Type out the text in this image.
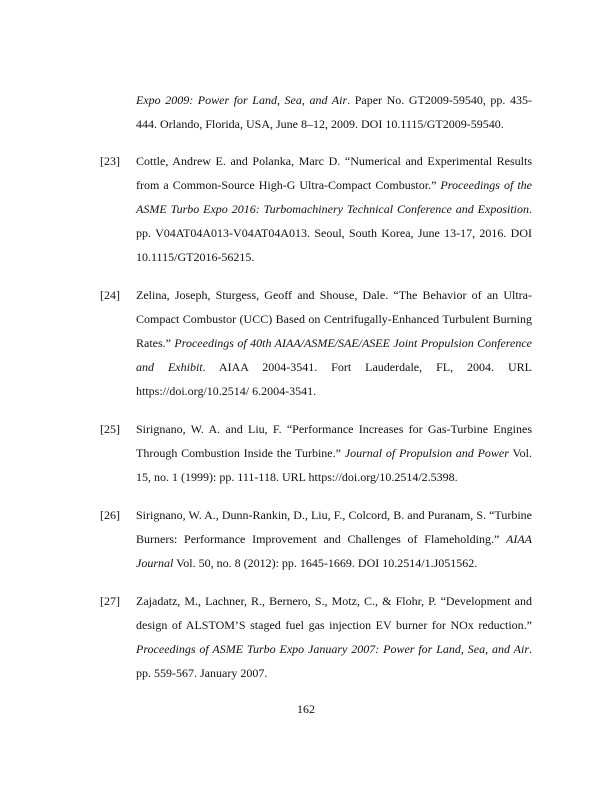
Expo 2009: Power for Land, Sea, and Air. Paper No. GT2009-59540, pp. 435-444. Orlando, Florida, USA, June 8–12, 2009. DOI 10.1115/GT2009-59540.
[23]	Cottle, Andrew E. and Polanka, Marc D. “Numerical and Experimental Results from a Common-Source High-G Ultra-Compact Combustor.” Proceedings of the ASME Turbo Expo 2016: Turbomachinery Technical Conference and Exposition. pp. V04AT04A013-V04AT04A013. Seoul, South Korea, June 13-17, 2016. DOI 10.1115/GT2016-56215.
[24]	Zelina, Joseph, Sturgess, Geoff and Shouse, Dale. “The Behavior of an Ultra-Compact Combustor (UCC) Based on Centrifugally-Enhanced Turbulent Burning Rates.” Proceedings of 40th AIAA/ASME/SAE/ASEE Joint Propulsion Conference and Exhibit. AIAA 2004-3541. Fort Lauderdale, FL, 2004. URL https://doi.org/10.2514/ 6.2004-3541.
[25]	Sirignano, W. A. and Liu, F. “Performance Increases for Gas-Turbine Engines Through Combustion Inside the Turbine.” Journal of Propulsion and Power Vol. 15, no. 1 (1999): pp. 111-118. URL https://doi.org/10.2514/2.5398.
[26]	Sirignano, W. A., Dunn-Rankin, D., Liu, F., Colcord, B. and Puranam, S. “Turbine Burners: Performance Improvement and Challenges of Flameholding.” AIAA Journal Vol. 50, no. 8 (2012): pp. 1645-1669. DOI 10.2514/1.J051562.
[27]	Zajadatz, M., Lachner, R., Bernero, S., Motz, C., & Flohr, P. “Development and design of ALSTOM’S staged fuel gas injection EV burner for NOx reduction.” Proceedings of ASME Turbo Expo January 2007: Power for Land, Sea, and Air. pp. 559-567. January 2007.
162
